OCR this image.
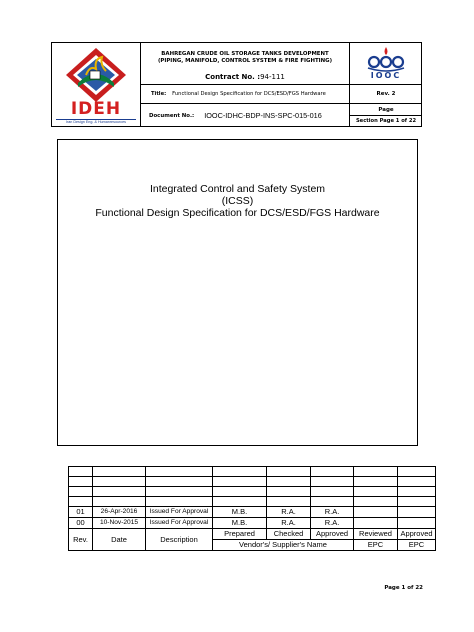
IDEH
Iran Design Eng. & Humanresources
BAHREGAN CRUDE OIL STORAGE TANKS DEVELOPMENT
(PIPING, MANIFOLD, CONTROL SYSTEM & FIRE FIGHTING)
Contract No. : 94-111
Title: Functional Design Specification for DCS/ESD/FGS Hardware
Document No.: IOOC-IDHC-BDP-INS-SPC-015-016
IOOC
Rev. 2
Page
Section Page 1 of 22
Integrated Control and Safety System
(ICSS)
Functional Design Specification for DCS/ESD/FGS Hardware

01	26-Apr-2016	Issued For Approval	M.B.	R.A.	R.A.		
00	10-Nov-2015	Issued For Approval	M.B.	R.A.	R.A.		
Rev.	Date	Description	Prepared	Checked	Approved	Reviewed	Approved
			Vendor's/ Supplier's Name			EPC	EPC
Page 1 of 22
